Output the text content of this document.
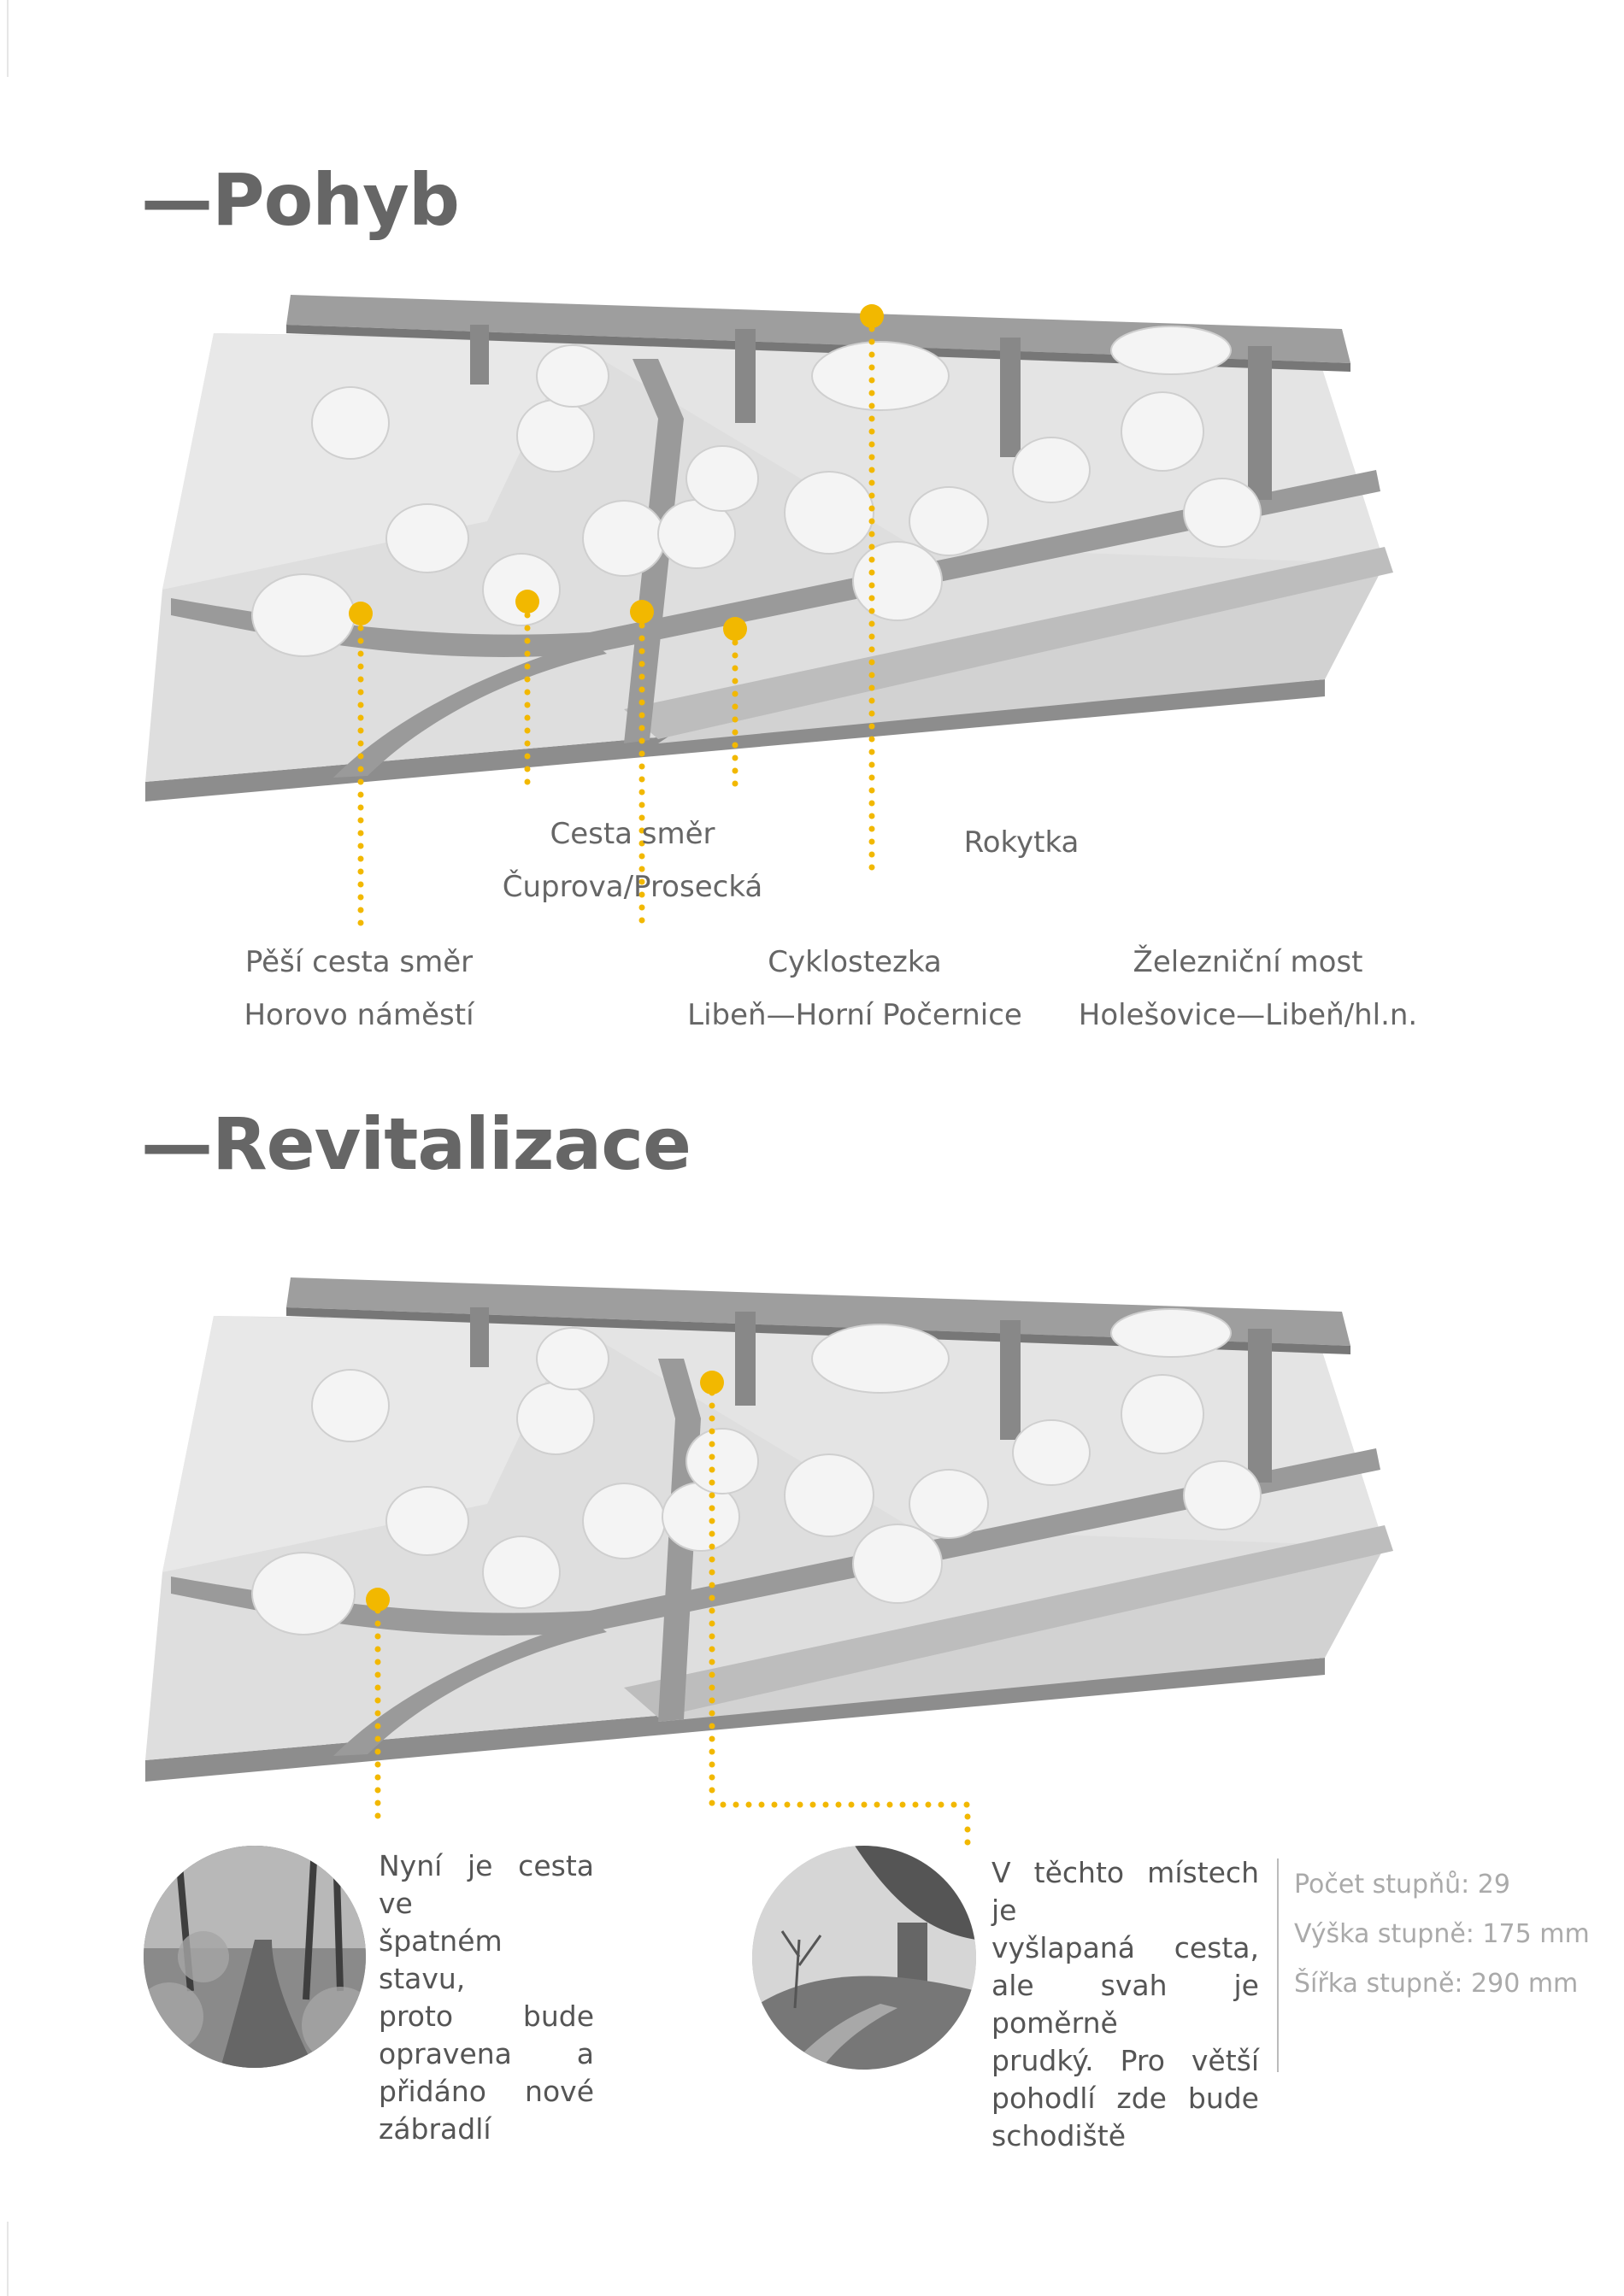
—Pohyb
Cesta směr
Čuprova/Prosecká
Rokytka
Pěší cesta směr
Horovo náměstí
Cyklostezka
Libeň—Horní Počernice
Železniční most
Holešovice—Libeň/hl.n.
—Revitalizace
Nyní je cesta ve
špatném stavu,
proto bude
opravena a
přidáno nové
zábradlí
V těchto místech je
vyšlapaná cesta,
ale svah je poměrně
prudký. Pro větší
pohodlí zde bude
schodiště
Počet stupňů: 29
Výška stupně: 175 mm
Šířka stupně: 290 mm
